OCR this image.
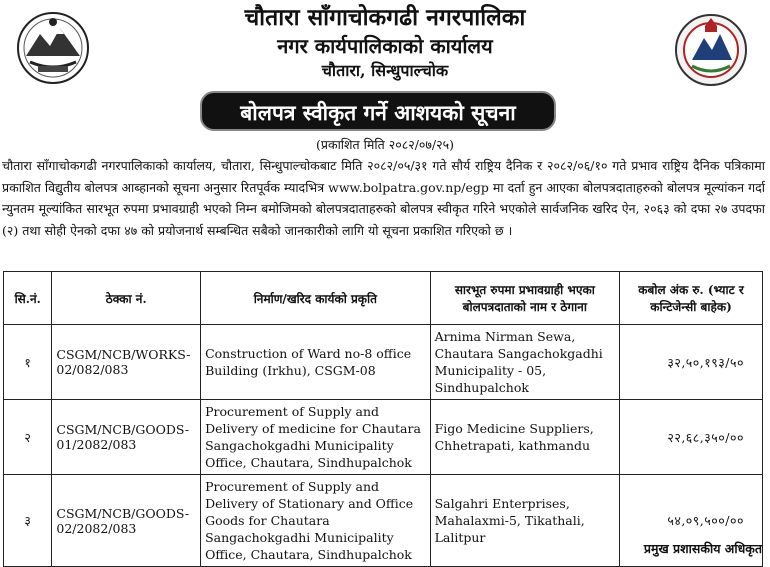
चौतारा साँगाचोकगढी नगरपालिका
नगर कार्यपालिकाको कार्यालय
चौतारा, सिन्धुपाल्चोक
बोलपत्र स्वीकृत गर्ने आशयको सूचना
(प्रकाशित मिति २०८२/०७/२५)
चौतारा साँगाचोकगढी नगरपालिकाको कार्यालय, चौतारा, सिन्धुपाल्चोकबाट मिति २०८२/०५/३१ गते सौर्य राष्ट्रिय दैनिक र २०८२/०६/१० गते प्रभाव राष्ट्रिय दैनिक पत्रिकामा प्रकाशित विद्युतीय बोलपत्र आब्हानको सूचना अनुसार रितपूर्वक म्यादभित्र www.bolpatra.gov.np/egp मा दर्ता हुन आएका बोलपत्रदाताहरुको बोलपत्र मूल्यांकन गर्दा न्युनतम मूल्यांकित सारभूत रुपमा प्रभावग्राही भएको निम्न बमोजिमको बोलपत्रदाताहरुको बोलपत्र स्वीकृत गरिने भएकोले सार्वजनिक खरिद ऐन, २०६३ को दफा २७ उपदफा (२) तथा सोही ऐनको दफा ४७ को प्रयोजनार्थ सम्बन्धित सबैको जानकारीको लागि यो सूचना प्रकाशित गरिएको छ ।
सि.नं.	ठेक्का नं.	निर्माण/खरिद कार्यको प्रकृति	सारभूत रुपमा प्रभावग्राही भएका बोलपत्रदाताको नाम र ठेगाना	कबोल अंक रु. (भ्याट र कन्टिजेन्सी बाहेक)
१	CSGM/NCB/WORKS-02/082/083	Construction of Ward no-8 office Building (Irkhu), CSGM-08	Arnima Nirman Sewa, Chautara Sangachokgadhi Municipality - 05, Sindhupalchok	३२,५०,१९३/५०
२	CSGM/NCB/GOODS-01/2082/083	Procurement of Supply and Delivery of medicine for Chautara Sangachokgadhi Municipality Office, Chautara, Sindhupalchok	Figo Medicine Suppliers, Chhetrapati, kathmandu	२२,६८,३५०/००
३	CSGM/NCB/GOODS-02/2082/083	Procurement of Supply and Delivery of Stationary and Office Goods for Chautara Sangachokgadhi Municipality Office, Chautara, Sindhupalchok	Salgahri Enterprises, Mahalaxmi-5, Tikathali, Lalitpur	५४,०९,५००/००
प्रमुख प्रशासकीय अधिकृत
